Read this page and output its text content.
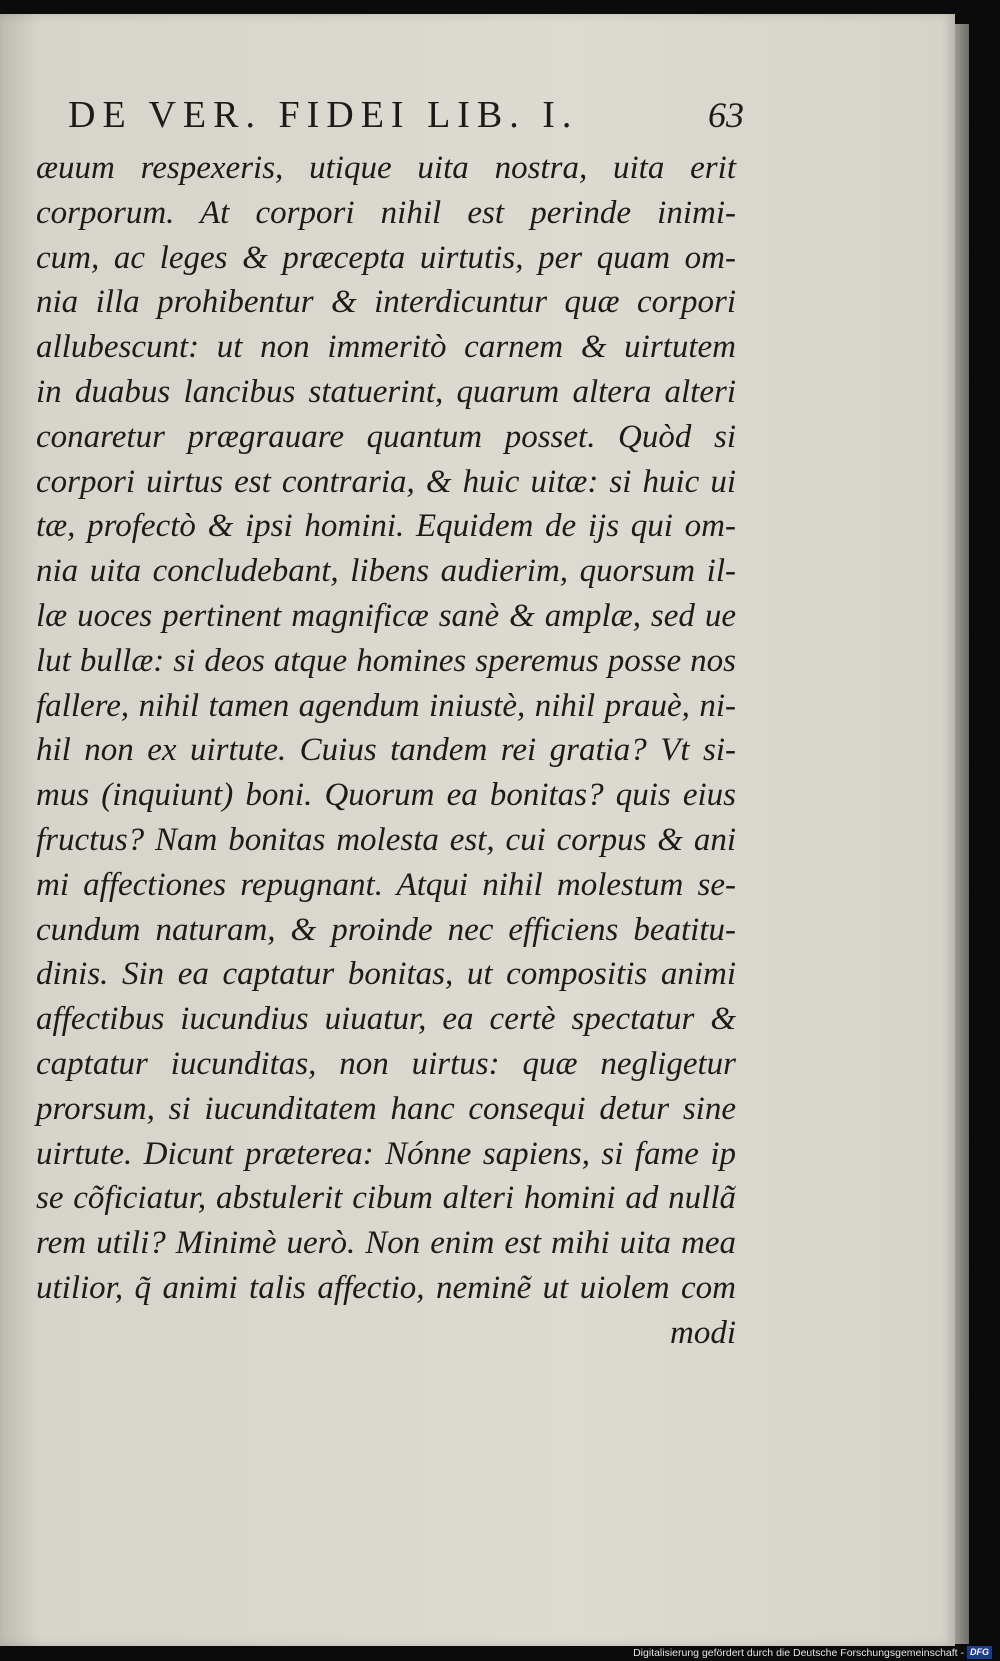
DE VER. FIDEI LIB. I.	63
æuum respexeris, utique uita nostra, uita erit
corporum. At corpori nihil est perinde inimi-
cum, ac leges & præcepta uirtutis, per quam om-
nia illa prohibentur & interdicuntur quæ corpori
allubescunt: ut non immeritò carnem & uirtutem
in duabus lancibus statuerint, quarum altera alteri
conaretur prægrauare quantum posset. Quòd si
corpori uirtus est contraria, & huic uitæ: si huic ui
tæ, profectò & ipsi homini. Equidem de ijs qui om-
nia uita concludebant, libens audierim, quorsum il-
læ uoces pertinent magnificæ sanè & amplæ, sed ue
lut bullæ: si deos atque homines speremus posse nos
fallere, nihil tamen agendum iniustè, nihil prauè, ni-
hil non ex uirtute. Cuius tandem rei gratia? Vt si-
mus (inquiunt) boni. Quorum ea bonitas? quis eius
fructus? Nam bonitas molesta est, cui corpus & ani
mi affectiones repugnant. Atqui nihil molestum se-
cundum naturam, & proinde nec efficiens beatitu-
dinis. Sin ea captatur bonitas, ut compositis animi
affectibus iucundius uiuatur, ea certè spectatur &
captatur iucunditas, non uirtus: quæ negligetur
prorsum, si iucunditatem hanc consequi detur sine
uirtute. Dicunt præterea: Nónne sapiens, si fame ip
se cõficiatur, abstulerit cibum alteri homini ad nullã
rem utili? Minimè uerò. Non enim est mihi uita mea
utilior, q̃ animi talis affectio, neminẽ ut uiolem com
modi
Digitalisierung gefördert durch die Deutsche Forschungsgemeinschaft - DFG
